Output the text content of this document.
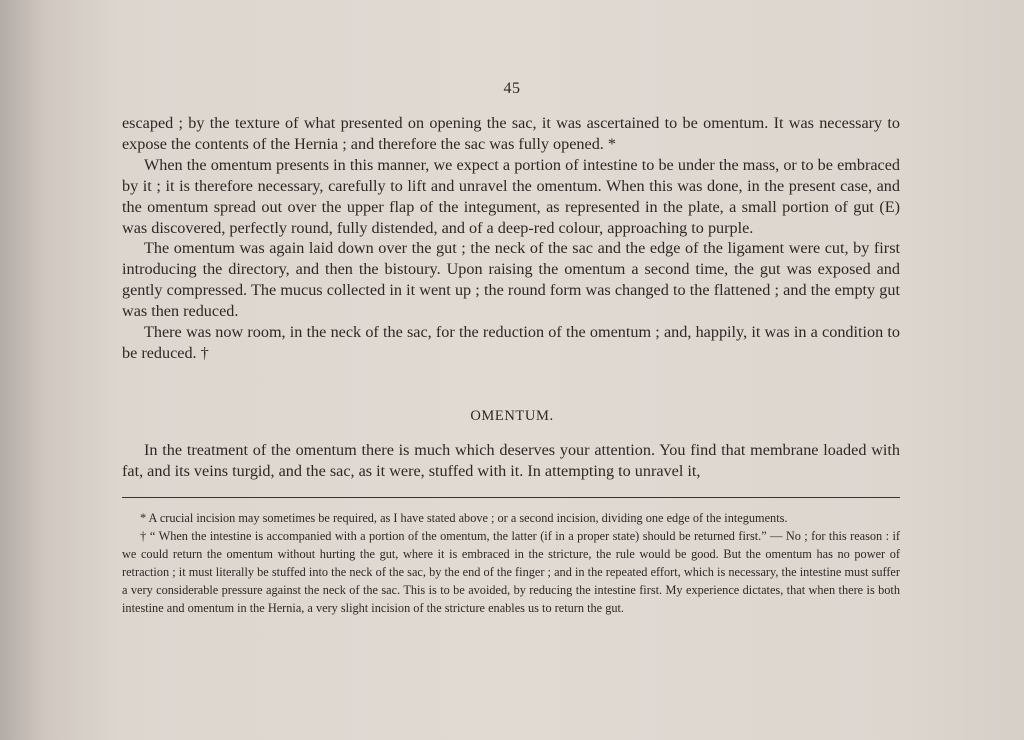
45

escaped ; by the texture of what presented on opening the sac, it was ascertained to be omentum. It was necessary to expose the contents of the Hernia ; and therefore the sac was fully opened. *

When the omentum presents in this manner, we expect a portion of intestine to be under the mass, or to be embraced by it ; it is therefore necessary, carefully to lift and unravel the omentum. When this was done, in the present case, and the omentum spread out over the upper flap of the integument, as represented in the plate, a small portion of gut (E) was discovered, perfectly round, fully distended, and of a deep-red colour, approaching to purple.

The omentum was again laid down over the gut ; the neck of the sac and the edge of the ligament were cut, by first introducing the directory, and then the bistoury. Upon raising the omentum a second time, the gut was exposed and gently compressed. The mucus collected in it went up ; the round form was changed to the flattened ; and the empty gut was then reduced.

There was now room, in the neck of the sac, for the reduction of the omentum ; and, happily, it was in a condition to be reduced. †

OMENTUM.

In the treatment of the omentum there is much which deserves your attention. You find that membrane loaded with fat, and its veins turgid, and the sac, as it were, stuffed with it. In attempting to unravel it,

* A crucial incision may sometimes be required, as I have stated above ; or a second incision, dividing one edge of the integuments.

† “ When the intestine is accompanied with a portion of the omentum, the latter (if in a proper state) should be returned first.” — No ; for this reason : if we could return the omentum without hurting the gut, where it is embraced in the stricture, the rule would be good. But the omentum has no power of retraction ; it must literally be stuffed into the neck of the sac, by the end of the finger ; and in the repeated effort, which is necessary, the intestine must suffer a very considerable pressure against the neck of the sac. This is to be avoided, by reducing the intestine first. My experience dictates, that when there is both intestine and omentum in the Hernia, a very slight incision of the stricture enables us to return the gut.
